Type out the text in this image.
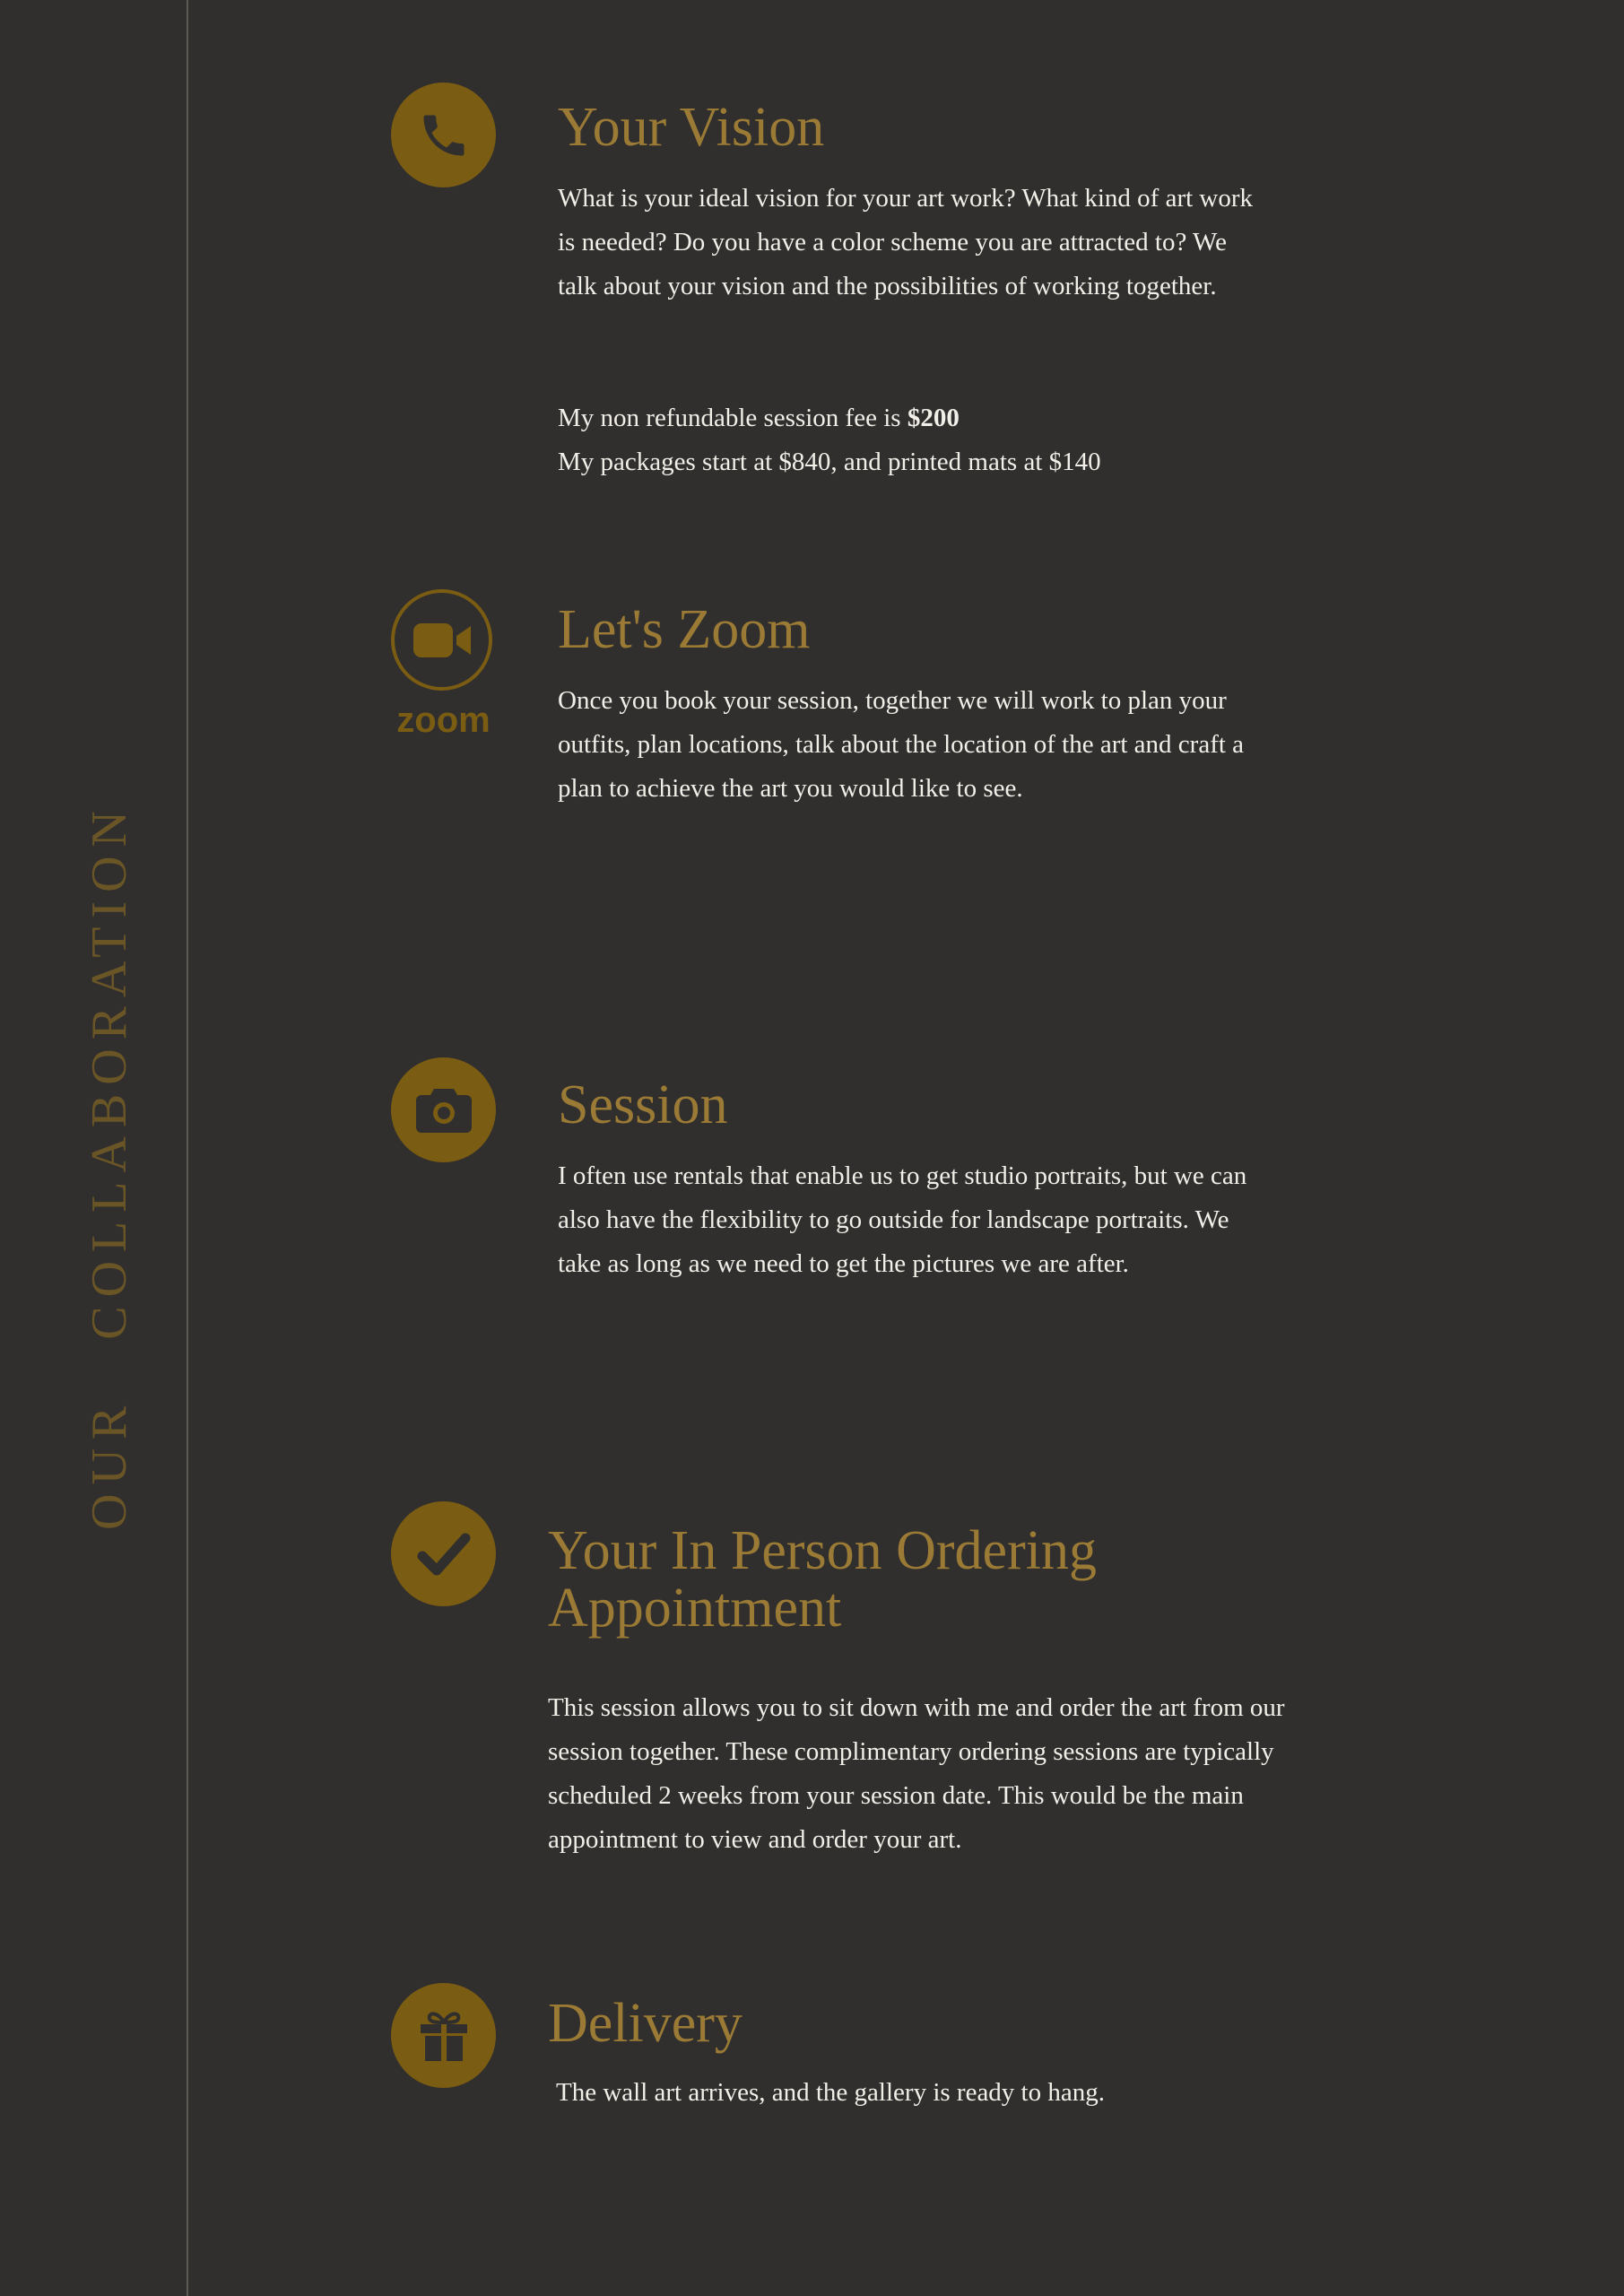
OUR COLLABORATION
Your Vision

What is your ideal vision for your art work? What kind of art work is needed? Do you have a color scheme you are attracted to? We talk about your vision and the possibilities of working together.

My non refundable session fee is $200

My packages start at $840, and printed mats at $140

zoom
Let's Zoom

Once you book your session, together we will work to plan your outfits, plan locations, talk about the location of the art and craft a plan to achieve the art you would like to see.

Session

I often use rentals that enable us to get studio portraits, but we can also have the flexibility to go outside for landscape portraits. We take as long as we need to get the pictures we are after.

Your In Person Ordering
Appointment

This session allows you to sit down with me and order the art from our session together. These complimentary ordering sessions are typically scheduled 2 weeks from your session date. This would be the main appointment to view and order your art.

Delivery

The wall art arrives, and the gallery is ready to hang.
